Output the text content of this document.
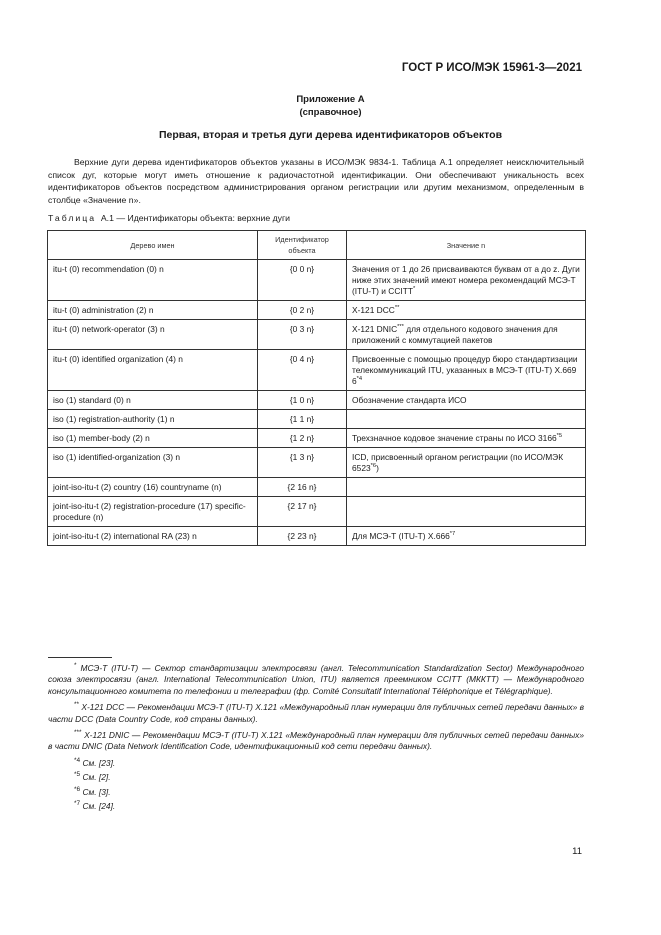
ГОСТ Р ИСО/МЭК 15961-3—2021
Приложение А
(справочное)
Первая, вторая и третья дуги дерева идентификаторов объектов
Верхние дуги дерева идентификаторов объектов указаны в ИСО/МЭК 9834-1. Таблица А.1 определяет неисключительный список дуг, которые могут иметь отношение к радиочастотной идентификации. Они обеспечивают уникальность всех идентификаторов объектов посредством администрирования органом регистрации или другим механизмом, определенным в столбце «Значение n».
Таблица А.1 — Идентификаторы объекта: верхние дуги
Дерево имен	Идентификатор объекта	Значение n
itu-t (0) recommendation (0) n	{0 0 n}	Значения от 1 до 26 присваиваются буквам от a до z. Дуги ниже этих значений имеют номера рекомендаций МСЭ-T (ITU-T) и CCITT*
itu-t (0) administration (2) n	{0 2 n}	X-121 DCC**
itu-t (0) network-operator (3) n	{0 3 n}	X-121 DNIC*** для отдельного кодового значения для приложений с коммутацией пакетов
itu-t (0) identified organization (4) n	{0 4 n}	Присвоенные с помощью процедур бюро стандартизации телекоммуникаций ITU, указанных в МСЭ-Т (ITU-T) X.669 6$^{*4}$
iso (1) standard (0) n	{1 0 n}	Обозначение стандарта ИСО
iso (1) registration-authority (1) n	{1 1 n}	
iso (1) member-body (2) n	{1 2 n}	Трехзначное кодовое значение страны по ИСО 3166$^{*5}$
iso (1) identified-organization (3) n	{1 3 n}	ICD, присвоенный органом регистрации (по ИСО/МЭК 6523$^{*6}$)
joint-iso-itu-t (2) country (16) countryname (n)	{2 16 n}	
joint-iso-itu-t (2) registration-procedure (17) specific-procedure (n)	{2 17 n}	
joint-iso-itu-t (2) international RA (23) n	{2 23 n}	Для МСЭ-Т (ITU-T) X.666$^{*7}$
* МСЭ-Т (ITU-T) — Сектор стандартизации электросвязи (англ. Telecommunication Standardization Sector) Международного союза электросвязи (англ. International Telecommunication Union, ITU) является преемником CCITT (МККТТ) — Международного консультационного комитета по телефонии и телеграфии (фр. Comité Consultatif International Téléphonique et Télégraphique).
** X-121 DCC — Рекомендации МСЭ-T (ITU-T) X.121 «Международный план нумерации для публичных сетей передачи данных» в части DCC (Data Country Code, код страны данных).
*** X-121 DNIC — Рекомендации МСЭ-T (ITU-T) X.121 «Международный план нумерации для публичных сетей передачи данных» в части DNIC (Data Network Identification Code, идентификационный код сети передачи данных).
$^{*4}$ См. [23].
$^{*5}$ См. [2].
$^{*6}$ См. [3].
$^{*7}$ См. [24].
11
